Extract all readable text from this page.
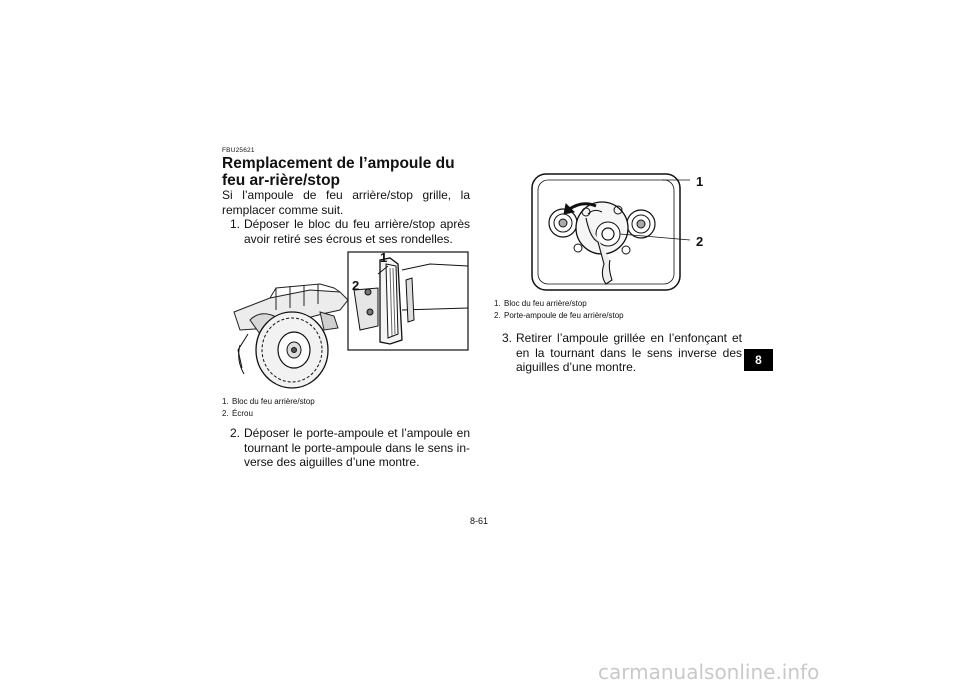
FBU25621
Remplacement de l’ampoule du feu ar-rière/stop
Si l’ampoule de feu arrière/stop grille, la remplacer comme suit.
1. Déposer le bloc du feu arrière/stop après avoir retiré ses écrous et ses rondelles.
1
2
1. Bloc du feu arrière/stop
2. Écrou
2. Déposer le porte-ampoule et l’ampoule en tournant le porte-ampoule dans le sens in-verse des aiguilles d’une montre.
1
2
1. Bloc du feu arrière/stop
2. Porte-ampoule de feu arrière/stop
3. Retirer l’ampoule grillée en l’enfonçant et en la tournant dans le sens inverse des aiguilles d’une montre.	8
8-61
carmanualsonline.info
